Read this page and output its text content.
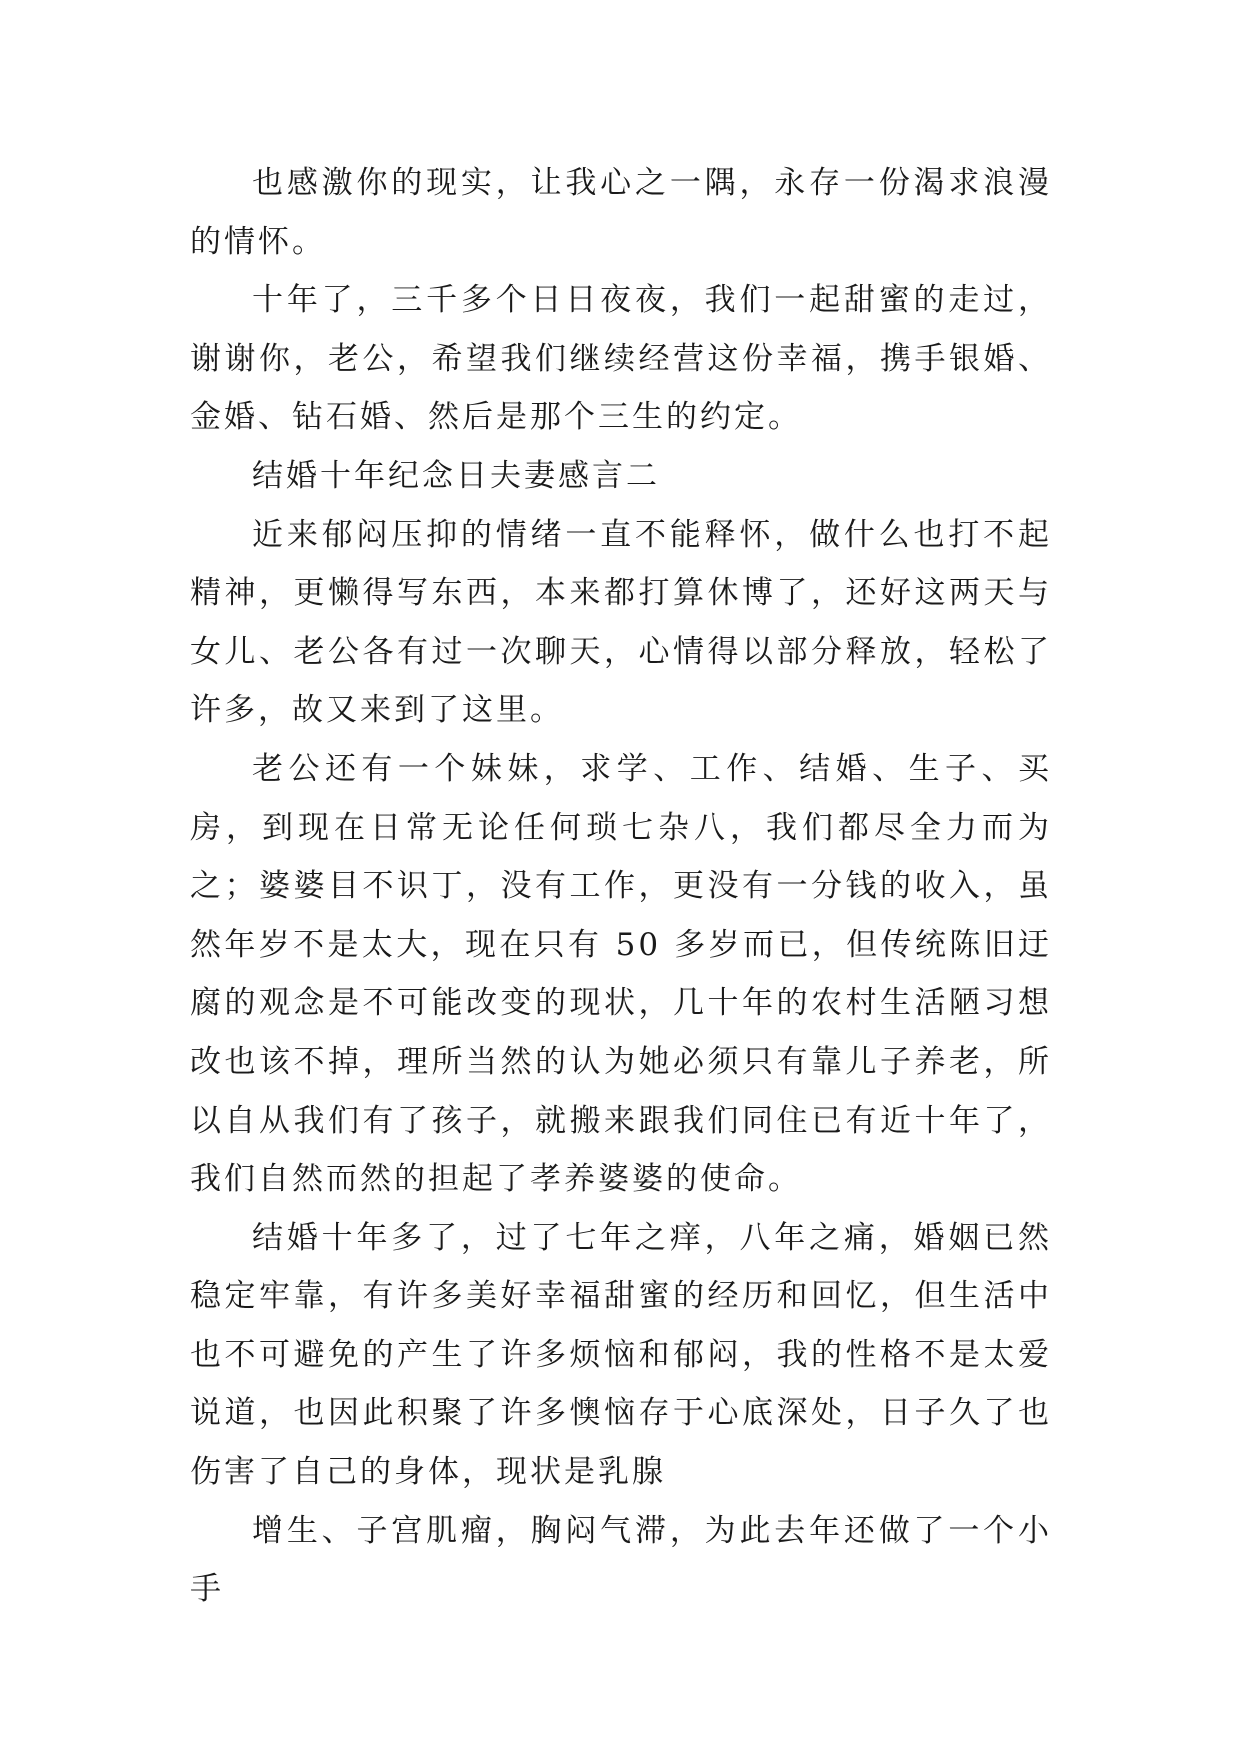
也感激你的现实，让我心之一隅，永存一份渴求浪漫的情怀。

十年了，三千多个日日夜夜，我们一起甜蜜的走过，谢谢你，老公，希望我们继续经营这份幸福，携手银婚、金婚、钻石婚、然后是那个三生的约定。

结婚十年纪念日夫妻感言二

近来郁闷压抑的情绪一直不能释怀，做什么也打不起精神，更懒得写东西，本来都打算休博了，还好这两天与女儿、老公各有过一次聊天，心情得以部分释放，轻松了许多，故又来到了这里。

老公还有一个妹妹，求学、工作、结婚、生子、买房，到现在日常无论任何琐七杂八，我们都尽全力而为之；婆婆目不识丁，没有工作，更没有一分钱的收入，虽然年岁不是太大，现在只有 50 多岁而已，但传统陈旧迂腐的观念是不可能改变的现状，几十年的农村生活陋习想改也该不掉，理所当然的认为她必须只有靠儿子养老，所以自从我们有了孩子，就搬来跟我们同住已有近十年了，我们自然而然的担起了孝养婆婆的使命。

结婚十年多了，过了七年之痒，八年之痛，婚姻已然稳定牢靠，有许多美好幸福甜蜜的经历和回忆，但生活中也不可避免的产生了许多烦恼和郁闷，我的性格不是太爱说道，也因此积聚了许多懊恼存于心底深处，日子久了也伤害了自己的身体，现状是乳腺

增生、子宫肌瘤，胸闷气滞，为此去年还做了一个小手
